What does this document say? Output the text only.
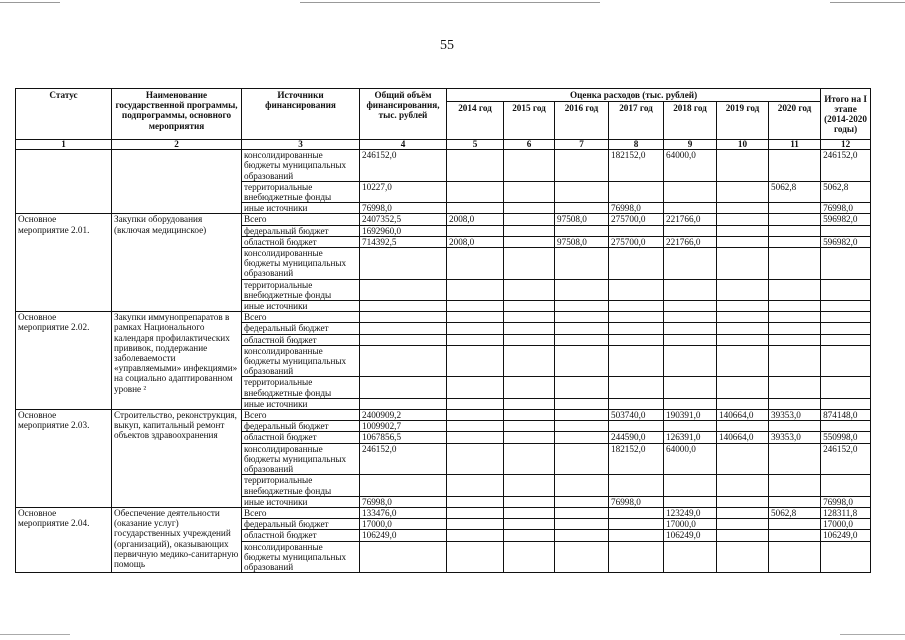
55
Статус	Наименование государственной программы, подпрограммы, основного мероприятия	Источники финансирования	Общий объём финансирования, тыс. рублей	Оценка расходов (тыс. рублей)							Итого на I этапе (2014-2020 годы)
				2014 год	2015 год	2016 год	2017 год	2018 год	2019 год	2020 год	
1	2	3	4	5	6	7	8	9	10	11	12
		консолидированные бюджеты муниципальных образований	246152,0				182152,0	64000,0			246152,0
		территориальные внебюджетные фонды	10227,0							5062,8	5062,8
		иные источники	76998,0				76998,0				76998,0
Основное мероприятие 2.01.	Закупки оборудования (включая медицинское)	Всего	2407352,5	2008,0		97508,0	275700,0	221766,0			596982,0
		федеральный бюджет	1692960,0								
		областной бюджет	714392,5	2008,0		97508,0	275700,0	221766,0			596982,0
		консолидированные бюджеты муниципальных образований									
		территориальные внебюджетные фонды									
		иные источники									
Основное мероприятие 2.02.	Закупки иммунопрепаратов в рамках Национального календаря профилактических прививок, поддержание заболеваемости «управляемыми» инфекциями» на социально адаптированном уровне ²	Всего									
		федеральный бюджет									
		областной бюджет									
		консолидированные бюджеты муниципальных образований									
		территориальные внебюджетные фонды									
		иные источники									
Основное мероприятие 2.03.	Строительство, реконструкция, выкуп, капитальный ремонт объектов здравоохранения	Всего	2400909,2				503740,0	190391,0	140664,0	39353,0	874148,0
		федеральный бюджет	1009902,7								
		областной бюджет	1067856,5				244590,0	126391,0	140664,0	39353,0	550998,0
		консолидированные бюджеты муниципальных образований	246152,0				182152,0	64000,0			246152,0
		территориальные внебюджетные фонды									
		иные источники	76998,0				76998,0				76998,0
Основное мероприятие 2.04.	Обеспечение деятельности (оказание услуг) государственных учреждений (организаций), оказывающих первичную медико-санитарную помощь	Всего	133476,0					123249,0		5062,8	128311,8
		федеральный бюджет	17000,0					17000,0			17000,0
		областной бюджет	106249,0					106249,0			106249,0
		консолидированные бюджеты муниципальных образований									
